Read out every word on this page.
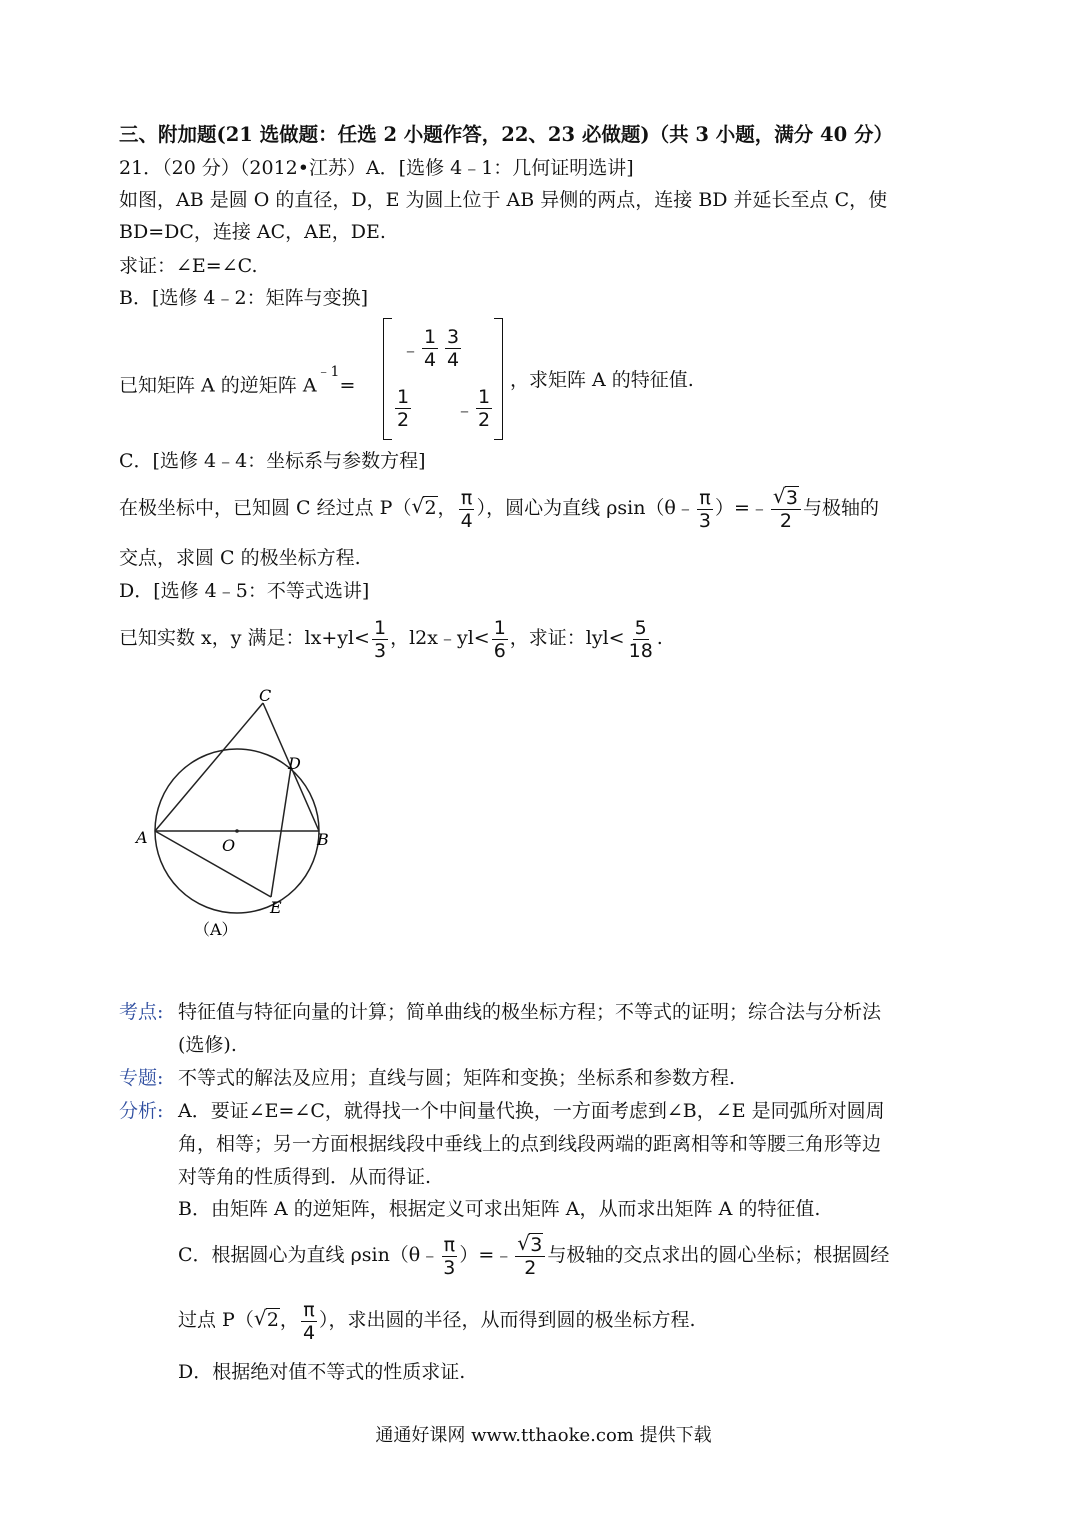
三、附加题(21 选做题：任选 2 小题作答，22、23 必做题)（共 3 小题，满分 40 分）
21．（20 分）（2012•江苏）A．[选修 4﹣1：几何证明选讲]
如图，AB 是圆 O 的直径，D，E 为圆上位于 AB 异侧的两点，连接 BD 并延长至点 C，使
BD=DC，连接 AC，AE，DE.
求证：∠E=∠C.
B．[选修 4﹣2：矩阵与变换]
已知矩阵 A 的逆矩阵 $A^{﹣1}=$	，求矩阵 A 的特征值.
﹣ $\frac{1}{4} \frac{3}{4}$
$\frac{1}{2}$ ﹣ $\frac{1}{2}$
C．[选修 4﹣4：坐标系与参数方程]
在极坐标中，已知圆 C 经过点 P（ √ 2， $\frac{\pi}{4}$ ），圆心为直线 ρsin（θ﹣ $\frac{\pi}{3}$ ）=﹣ √ $\frac{3}{2}$ 与极轴的
交点，求圆 C 的极坐标方程.
D．[选修 4﹣5：不等式选讲]
已知实数 x，y 满足：$lx+yl< \frac{1}{3}$ ，l2x﹣yl< $\frac{1}{6}$ ，求证：$lyl< \frac{5}{18}$ .
C
D
A	O	B
E
（A）
考点: 特征值与特征向量的计算；简单曲线的极坐标方程；不等式的证明；综合法与分析法
(选修).
专题: 不等式的解法及应用；直线与圆；矩阵和变换；坐标系和参数方程.
分析: A．要证∠E=∠C，就得找一个中间量代换，一方面考虑到∠B，∠E 是同弧所对圆周
角，相等；另一方面根据线段中垂线上的点到线段两端的距离相等和等腰三角形等边
对等角的性质得到．从而得证.
B．由矩阵 A 的逆矩阵，根据定义可求出矩阵 A，从而求出矩阵 A 的特征值.
C．根据圆心为直线 ρsin（θ﹣ $\frac{\pi}{3}$ ）=﹣ √ $\frac{3}{2}$ 与极轴的交点求出的圆心坐标；根据圆经
过点 P（ √ 2， $\frac{\pi}{4}$ ），求出圆的半径，从而得到圆的极坐标方程.
D．根据绝对值不等式的性质求证.
通通好课网 www.tthaoke.com 提供下载
